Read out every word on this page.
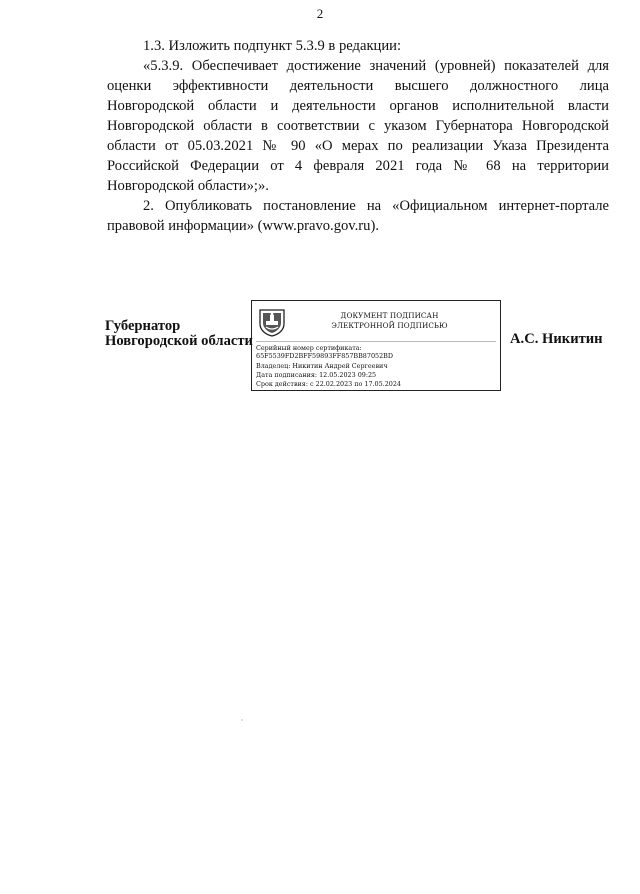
2

1.3. Изложить подпункт 5.3.9 в редакции:

«5.3.9. Обеспечивает достижение значений (уровней) показателей для оценки эффективности деятельности высшего должностного лица Новгородской области и деятельности органов исполнительной власти Новгородской области в соответствии с указом Губернатора Новгородской области от 05.03.2021 № 90 «О мерах по реализации Указа Президента Российской Федерации от 4 февраля 2021 года № 68 на территории Новгородской области»;».

2. Опубликовать постановление на «Официальном интернет-портале правовой информации» (www.pravo.gov.ru).

Губернатор
Новгородской области
ДОКУМЕНТ ПОДПИСАН
ЭЛЕКТРОННОЙ ПОДПИСЬЮ
Серийный номер сертификата:
65F5539FD2BFF59893FF857BB87052BD
Владелец: Никитин Андрей Сергеевич
Дата подписания: 12.05.2023 09:25
Срок действия: с 22.02.2023 по 17.05.2024
А.С. Никитин
